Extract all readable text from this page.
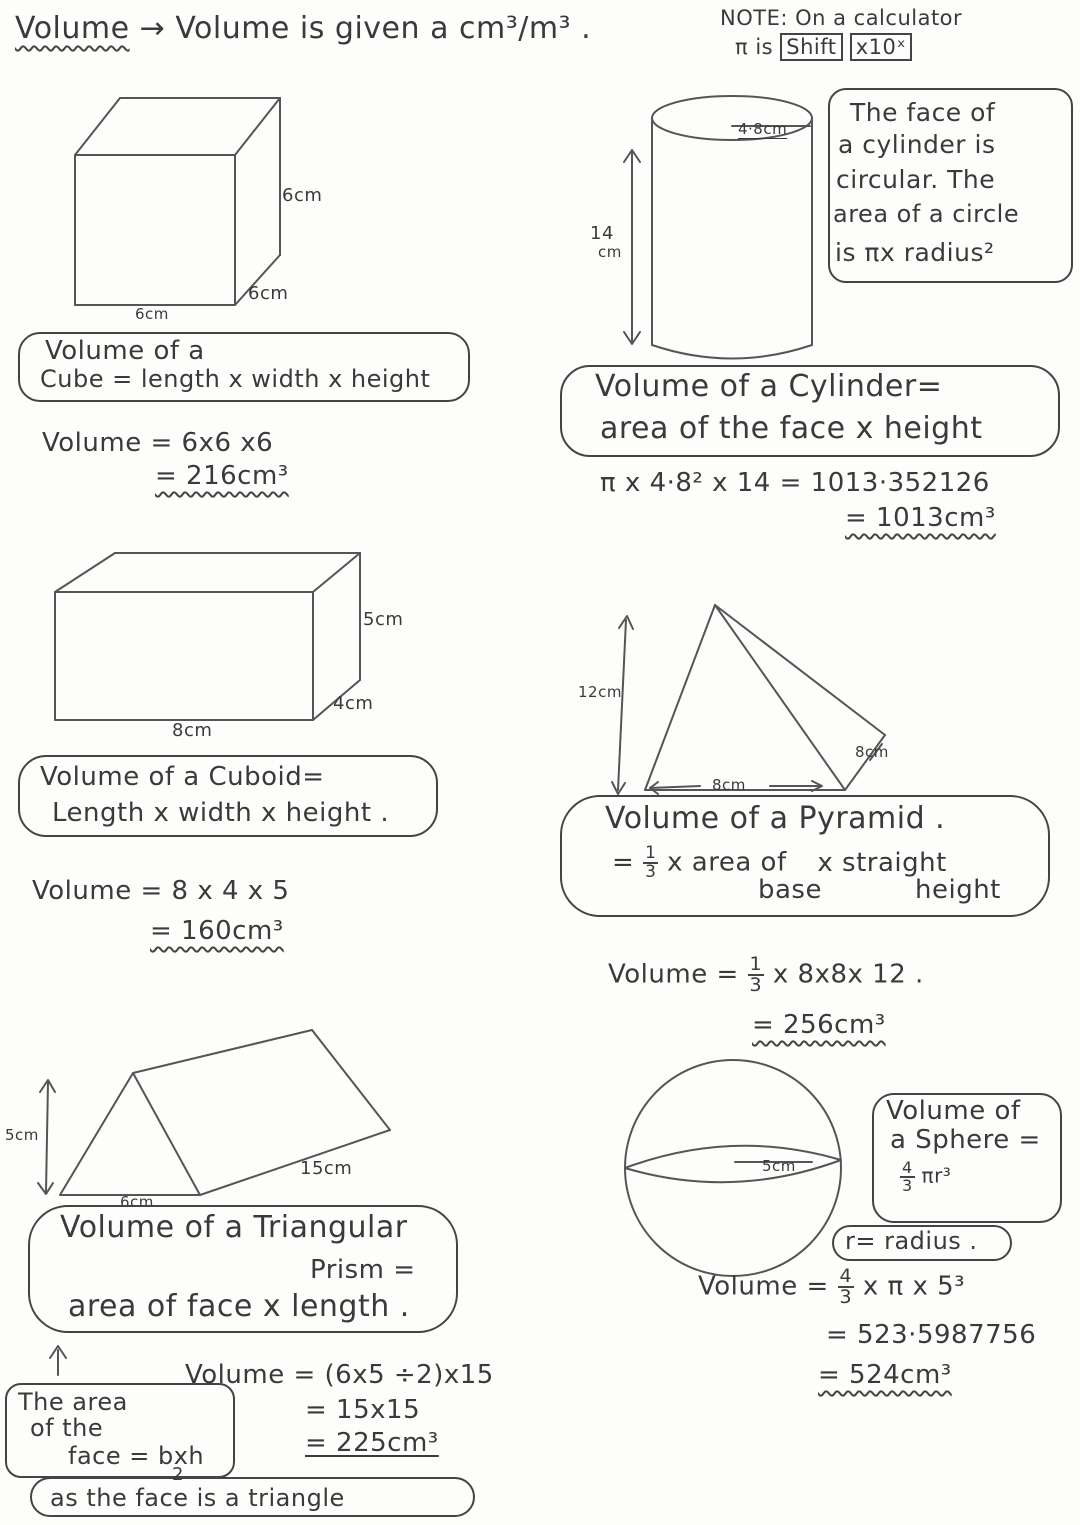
Volume → Volume is given a cm³/m³ .	NOTE: On a calculator
π is Shift x10ˣ
6cm
6cm
6cm
Volume of a
Cube = length x width x height
Volume = 6x6 x6
= 216cm³
4·8cm
14
cm
The face of
a cylinder is
circular. The
area of a circle
is πx radius²
Volume of a Cylinder=
area of the face x height
π x 4·8² x 14 = 1013·352126
= 1013cm³
5cm
4cm
8cm
Volume of a Cuboid=
Length x width x height .
Volume = 8 x 4 x 5
= 160cm³
12cm
8cm
8cm
Volume of a Pyramid .
= $\frac{1}{3}$ x area of x straight
base	height
Volume = $\frac{1}{3}$ x 8x8x 12 .
= 256cm³
5cm
15cm
6cm
Volume of a Triangular
Prism =
area of face x length .
Volume = (6x5 ÷2)x15
= 15x15
= 225cm³
The area
of the
face = bxh
2
as the face is a triangle
5cm
Volume of
a Sphere =
$\frac{4}{3} \pi r^3$
r= radius .
Volume = $\frac{4}{3}$ x π x 5³
= 523·5987756
= 524cm³
